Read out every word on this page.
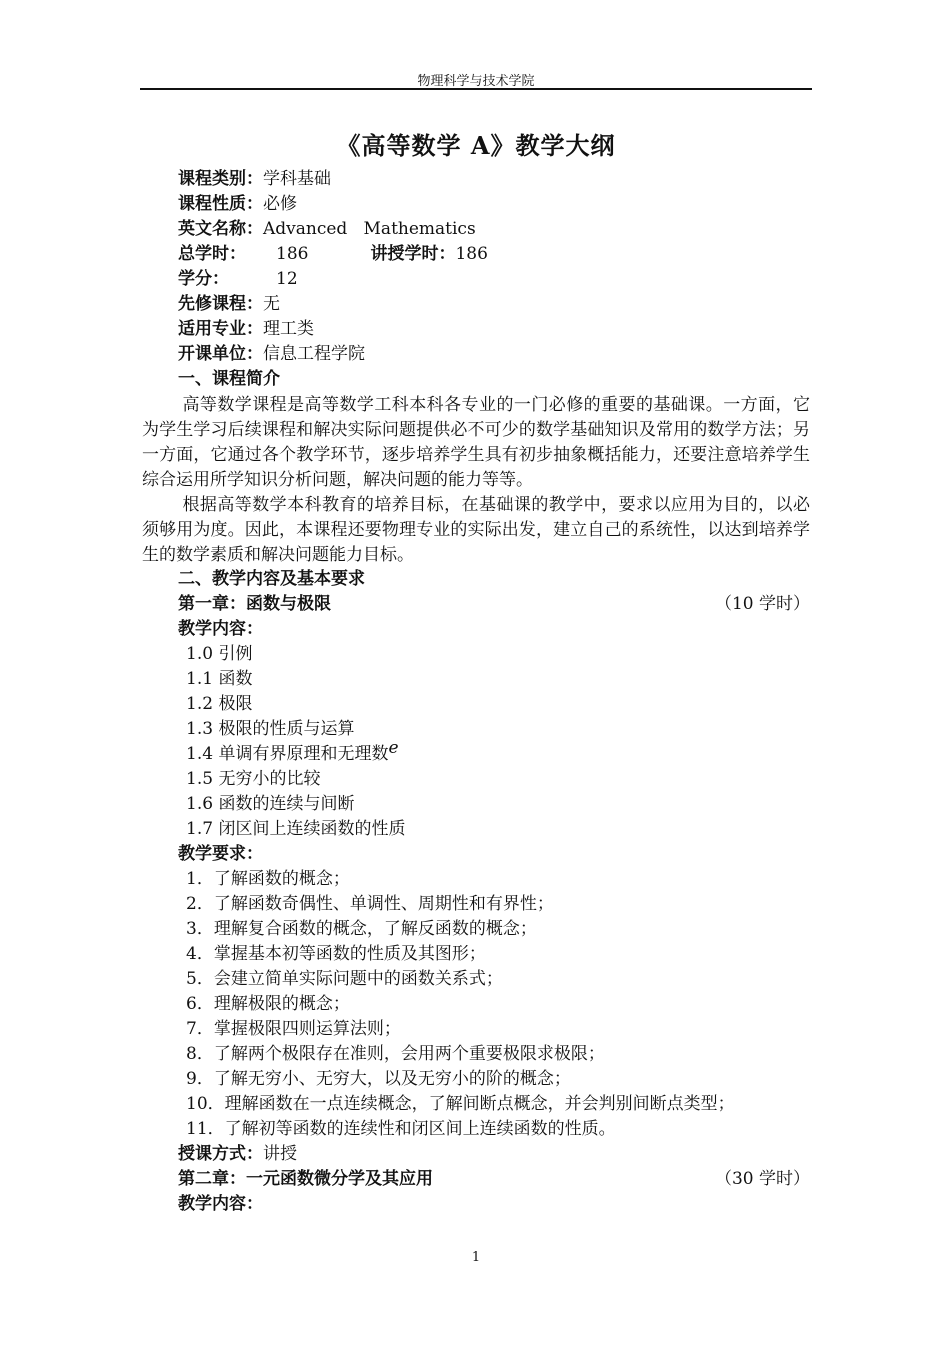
物理科学与技术学院
《高等数学 A》教学大纲
课程类别：学科基础
课程性质：必修
英文名称：Advanced   Mathematics
总学时： 186	讲授学时：186
学分：	12
先修课程：无
适用专业：理工类
开课单位：信息工程学院
一、课程简介
高等数学课程是高等数学工科本科各专业的一门必修的重要的基础课。一方面，它为学生学习后续课程和解决实际问题提供必不可少的数学基础知识及常用的数学方法；另一方面，它通过各个教学环节，逐步培养学生具有初步抽象概括能力，还要注意培养学生综合运用所学知识分析问题，解决问题的能力等等。
根据高等数学本科教育的培养目标，在基础课的教学中，要求以应用为目的，以必须够用为度。因此，本课程还要物理专业的实际出发，建立自己的系统性，以达到培养学生的数学素质和解决问题能力目标。
二、教学内容及基本要求
第一章：函数与极限	（10 学时）
教学内容：
1.0 引例
1.1 函数
1.2 极限
1.3 极限的性质与运算
1.4 单调有界原理和无理数e
1.5 无穷小的比较
1.6 函数的连续与间断
1.7 闭区间上连续函数的性质
教学要求：
1．了解函数的概念；
2．了解函数奇偶性、单调性、周期性和有界性；
3．理解复合函数的概念，了解反函数的概念；
4．掌握基本初等函数的性质及其图形；
5．会建立简单实际问题中的函数关系式；
6．理解极限的概念；
7．掌握极限四则运算法则；
8．了解两个极限存在准则，会用两个重要极限求极限；
9．了解无穷小、无穷大，以及无穷小的阶的概念；
10．理解函数在一点连续概念，了解间断点概念，并会判别间断点类型；
11．了解初等函数的连续性和闭区间上连续函数的性质。
授课方式：讲授
第二章：一元函数微分学及其应用	（30 学时）
教学内容：
1
